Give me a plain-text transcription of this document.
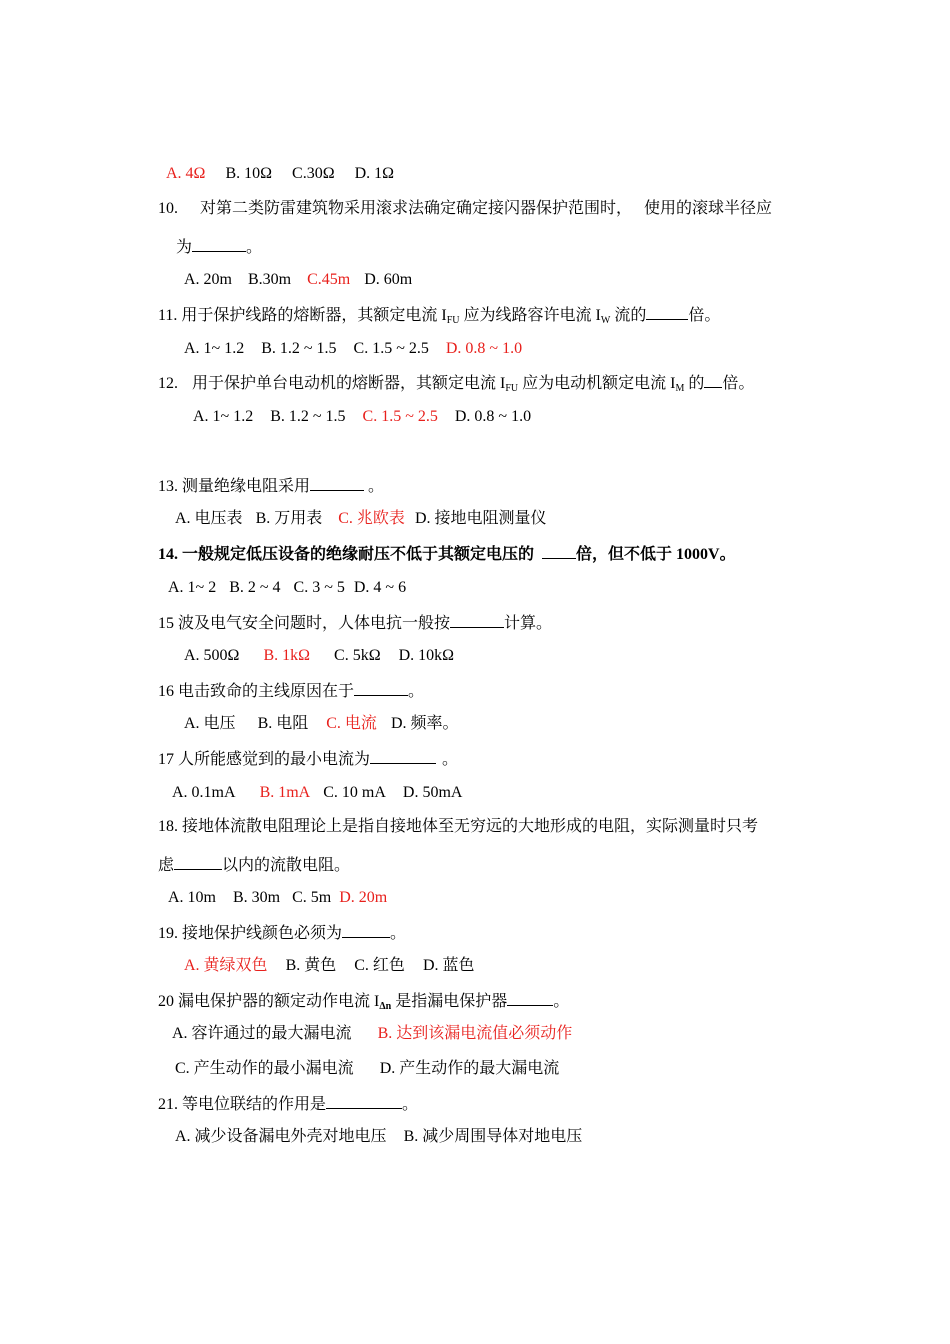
A. 4Ω B. 10Ω C.30Ω D. 1Ω
10. 对第二类防雷建筑物采用滚求法确定确定接闪器保护范围时， 使用的滚球半径应
为	。
A. 20m B.30m C.45m D. 60m
11. 用于保护线路的熔断器，其额定电流 $I_{FU}$ 应为线路容许电流 $I_W$ 流的	倍。
A. 1~ 1.2 B. 1.2 ~ 1.5 C. 1.5 ~ 2.5 D. 0.8 ~ 1.0
12. 用于保护单台电动机的熔断器，其额定电流 $I_{FU}$ 应为电动机额定电流 $I_M$ 的 倍。
A. 1~ 1.2 B. 1.2 ~ 1.5 C. 1.5 ~ 2.5 D. 0.8 ~ 1.0
13. 测量绝缘电阻采用	。
A. 电压表 B. 万用表 C. 兆欧表 D. 接地电阻测量仪
14. 一般规定低压设备的绝缘耐压不低于其额定电压的	倍，但不低于 1000V。
A. 1~ 2 B. 2 ~ 4 C. 3 ~ 5 D. 4 ~ 6
15 波及电气安全问题时，人体电抗一般按	计算。
A. 500Ω B. 1kΩ C. 5kΩ D. 10kΩ
16 电击致命的主线原因在于	。
A. 电压 B. 电阻 C. 电流 D. 频率。
17 人所能感觉到的最小电流为	。
A. 0.1mA B. 1mA C. 10 mA D. 50mA
18. 接地体流散电阻理论上是指自接地体至无穷远的大地形成的电阻，实际测量时只考
虑	以内的流散电阻。
A. 10m B. 30m C. 5m D. 20m
19. 接地保护线颜色必须为	。
A. 黄绿双色 B. 黄色 C. 红色 D. 蓝色
20 漏电保护器的额定动作电流 $I_{\Delta n}$ 是指漏电保护器	。
A. 容许通过的最大漏电流 B. 达到该漏电流值必须动作
C. 产生动作的最小漏电流 D. 产生动作的最大漏电流
21. 等电位联结的作用是	。
A. 减少设备漏电外壳对地电压 B. 减少周围导体对地电压
